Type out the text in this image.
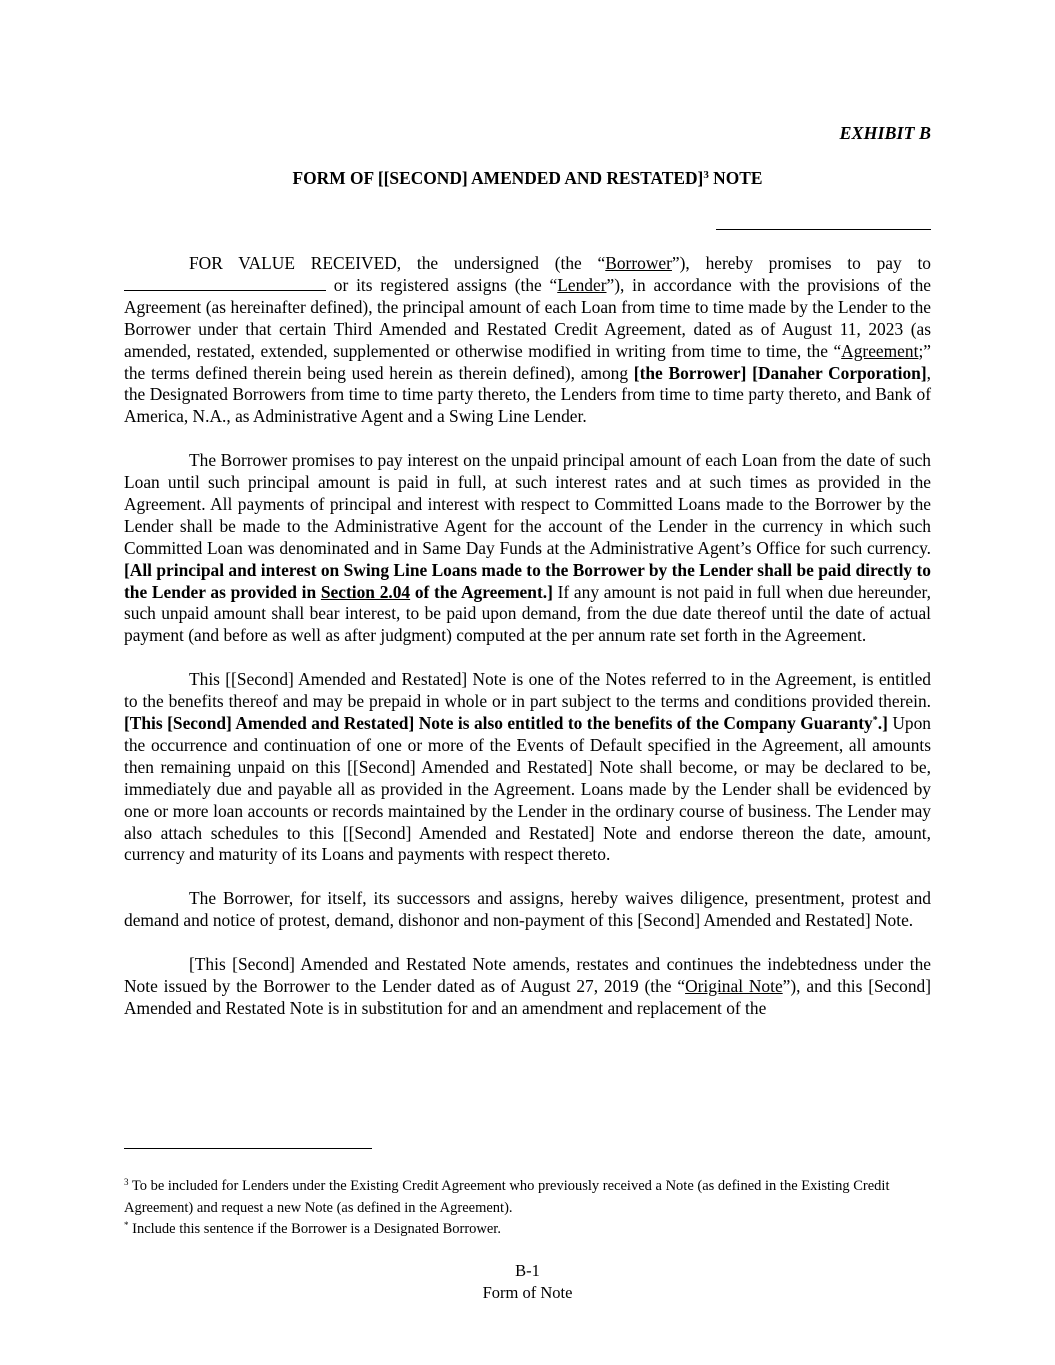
EXHIBIT B
FORM OF [[SECOND] AMENDED AND RESTATED]$^3$ NOTE

FOR VALUE RECEIVED, the undersigned (the “Borrower”), hereby promises to pay to  or its registered assigns (the “Lender”), in accordance with the provisions of the Agreement (as hereinafter defined), the principal amount of each Loan from time to time made by the Lender to the Borrower under that certain Third Amended and Restated Credit Agreement, dated as of August 11, 2023 (as amended, restated, extended, supplemented or otherwise modified in writing from time to time, the “Agreement;” the terms defined therein being used herein as therein defined), among [the Borrower] [Danaher Corporation], the Designated Borrowers from time to time party thereto, the Lenders from time to time party thereto, and Bank of America, N.A., as Administrative Agent and a Swing Line Lender.

The Borrower promises to pay interest on the unpaid principal amount of each Loan from the date of such Loan until such principal amount is paid in full, at such interest rates and at such times as provided in the Agreement. All payments of principal and interest with respect to Committed Loans made to the Borrower by the Lender shall be made to the Administrative Agent for the account of the Lender in the currency in which such Committed Loan was denominated and in Same Day Funds at the Administrative Agent’s Office for such currency. [All principal and interest on Swing Line Loans made to the Borrower by the Lender shall be paid directly to the Lender as provided in Section 2.04 of the Agreement.] If any amount is not paid in full when due hereunder, such unpaid amount shall bear interest, to be paid upon demand, from the due date thereof until the date of actual payment (and before as well as after judgment) computed at the per annum rate set forth in the Agreement.

This [[Second] Amended and Restated] Note is one of the Notes referred to in the Agreement, is entitled to the benefits thereof and may be prepaid in whole or in part subject to the terms and conditions provided therein. [This [Second] Amended and Restated] Note is also entitled to the benefits of the Company Guaranty*.] Upon the occurrence and continuation of one or more of the Events of Default specified in the Agreement, all amounts then remaining unpaid on this [[Second] Amended and Restated] Note shall become, or may be declared to be, immediately due and payable all as provided in the Agreement. Loans made by the Lender shall be evidenced by one or more loan accounts or records maintained by the Lender in the ordinary course of business. The Lender may also attach schedules to this [[Second] Amended and Restated] Note and endorse thereon the date, amount, currency and maturity of its Loans and payments with respect thereto.

The Borrower, for itself, its successors and assigns, hereby waives diligence, presentment, protest and demand and notice of protest, demand, dishonor and non-payment of this [Second] Amended and Restated] Note.

[This [Second] Amended and Restated Note amends, restates and continues the indebtedness under the Note issued by the Borrower to the Lender dated as of August 27, 2019 (the “Original Note”), and this [Second] Amended and Restated Note is in substitution for and an amendment and replacement of the

$^3$ To be included for Lenders under the Existing Credit Agreement who previously received a Note (as defined in the Existing Credit Agreement) and request a new Note (as defined in the Agreement).

* Include this sentence if the Borrower is a Designated Borrower.

B-1
Form of Note
